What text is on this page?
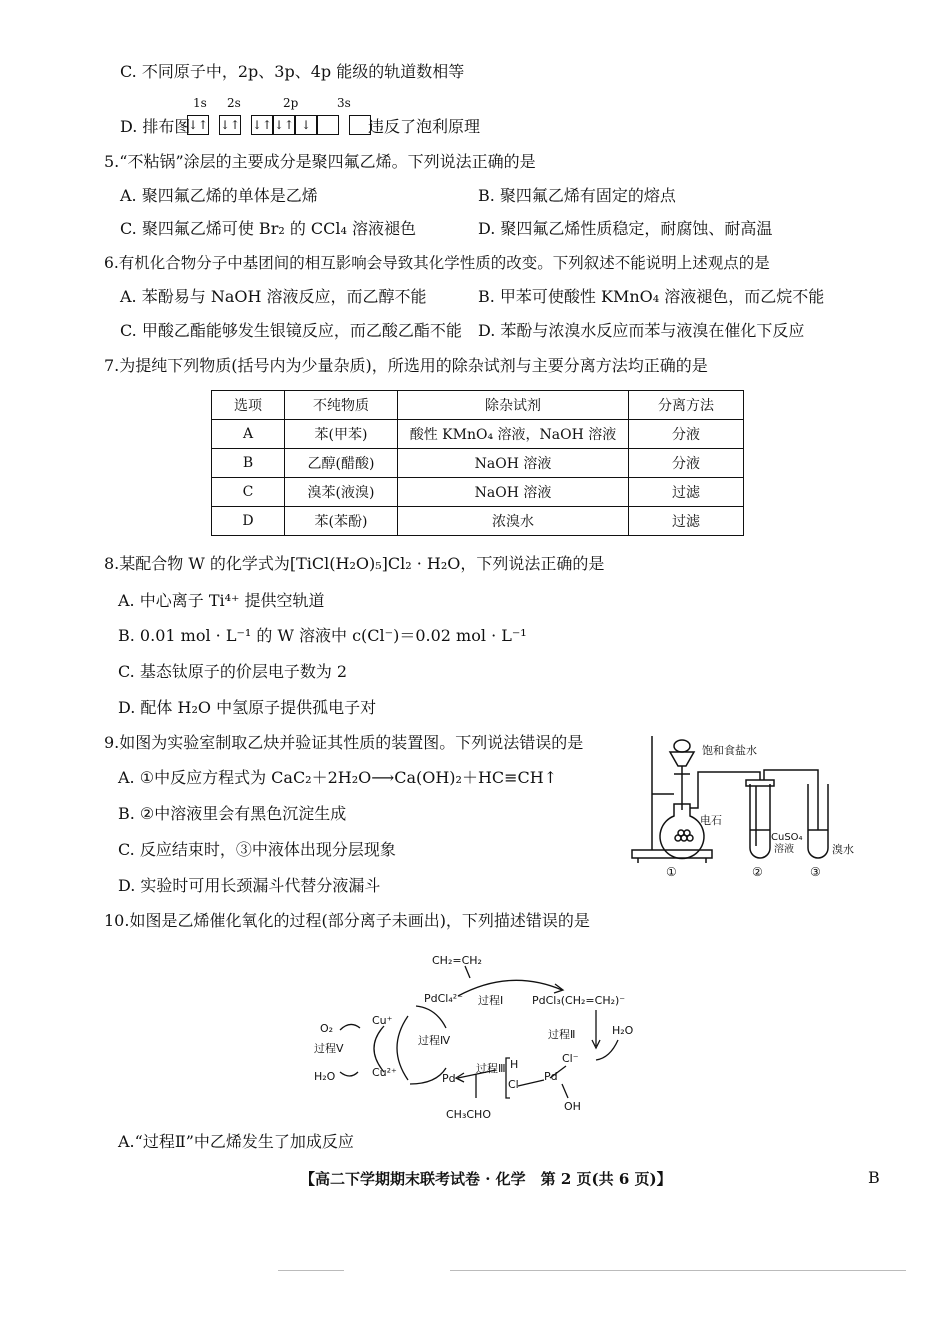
C. 不同原子中，2p、3p、4p 能级的轨道数相等
D. 排布图
1s 2s	2p	3s
↓↑ ↓↑ ↓↑ ↓↑ ↓	违反了泡利原理
5.“不粘锅”涂层的主要成分是聚四氟乙烯。下列说法正确的是
A. 聚四氟乙烯的单体是乙烯	B. 聚四氟乙烯有固定的熔点
C. 聚四氟乙烯可使 Br₂ 的 CCl₄ 溶液褪色	D. 聚四氟乙烯性质稳定，耐腐蚀、耐高温
6.有机化合物分子中基团间的相互影响会导致其化学性质的改变。下列叙述不能说明上述观点的是
A. 苯酚易与 NaOH 溶液反应，而乙醇不能	B. 甲苯可使酸性 KMnO₄ 溶液褪色，而乙烷不能
C. 甲酸乙酯能够发生银镜反应，而乙酸乙酯不能 D. 苯酚与浓溴水反应而苯与液溴在催化下反应
7.为提纯下列物质(括号内为少量杂质)，所选用的除杂试剂与主要分离方法均正确的是
选项	不纯物质	除杂试剂	分离方法
A	苯(甲苯)	酸性 KMnO₄ 溶液，NaOH 溶液	分液
B	乙醇(醋酸)	NaOH 溶液	分液
C	溴苯(液溴)	NaOH 溶液	过滤
D	苯(苯酚)	浓溴水	过滤
8.某配合物 W 的化学式为[TiCl(H₂O)₅]Cl₂ · H₂O，下列说法正确的是
A. 中心离子 Ti⁴⁺ 提供空轨道
B. 0.01 mol · L⁻¹ 的 W 溶液中 c(Cl⁻)＝0.02 mol · L⁻¹
C. 基态钛原子的价层电子数为 2
D. 配体 H₂O 中氢原子提供孤电子对
9.如图为实验室制取乙炔并验证其性质的装置图。下列说法错误的是
A. ①中反应方程式为 CaC₂＋2H₂O⟶Ca(OH)₂＋HC≡CH↑
B. ②中溶液里会有黑色沉淀生成
C. 反应结束时，③中液体出现分层现象
D. 实验时可用长颈漏斗代替分液漏斗
饱和食盐水
电石
CuSO₄
溶液	溴水
①	②	③
10.如图是乙烯催化氧化的过程(部分离子未画出)，下列描述错误的是
CH₂=CH₂
PdCl₄²⁻ 过程Ⅰ	PdCl₃(CH₂=CH₂)⁻
过程Ⅱ	H₂O
O₂
Cu⁺
过程Ⅴ
过程Ⅳ
H₂O	Cu²⁺	Pd
过程Ⅲ H
Cl
Pd
Cl⁻
OH
CH₃CHO
A.“过程Ⅱ”中乙烯发生了加成反应
【高二下学期期末联考试卷 · 化学　第 2 页(共 6 页)】	B
